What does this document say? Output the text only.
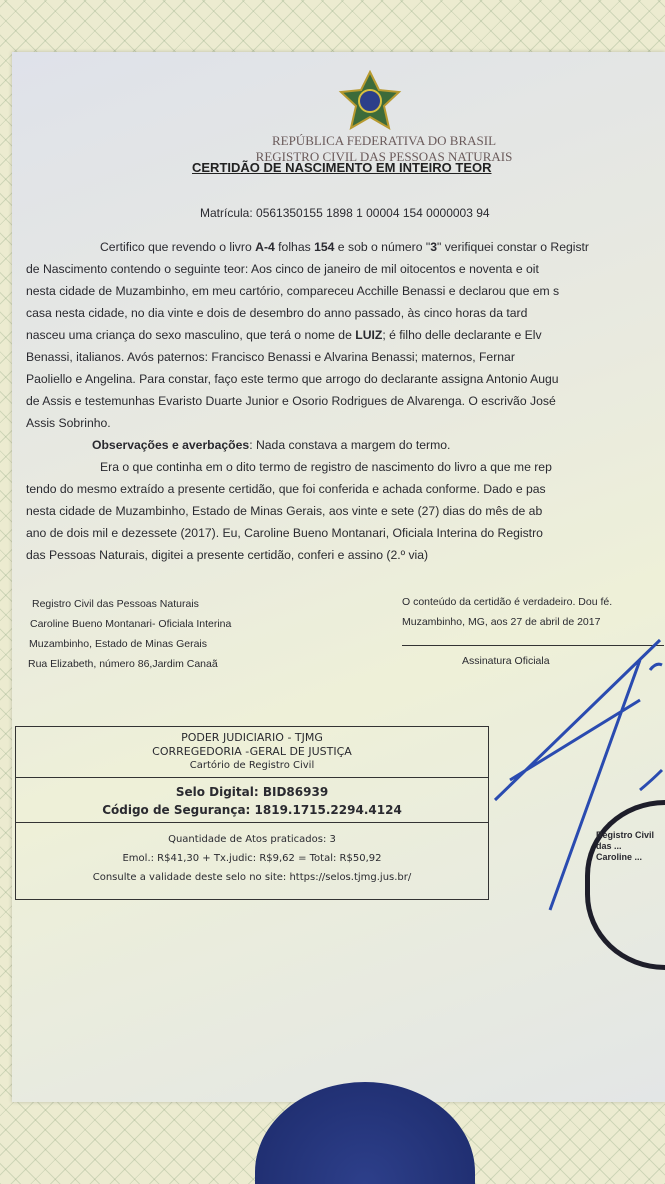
REPÚBLICA FEDERATIVA DO BRASIL
REGISTRO CIVIL DAS PESSOAS NATURAIS
CERTIDÃO DE NASCIMENTO EM INTEIRO TEOR
Matrícula: 0561350155 1898 1 00004 154 0000003 94
Certifico que revendo o livro A-4 folhas 154 e sob o número "3" verifiquei constar o Registr
de Nascimento contendo o seguinte teor: Aos cinco de janeiro de mil oitocentos e noventa e oit
nesta cidade de Muzambinho, em meu cartório, compareceu Acchille Benassi e declarou que em s
casa nesta cidade, no dia vinte e dois de desembro do anno passado, às cinco horas da tard
nasceu uma criança do sexo masculino, que terá o nome de LUIZ; é filho delle declarante e Elv
Benassi, italianos. Avós paternos: Francisco Benassi e Alvarina Benassi; maternos, Fernar
Paoliello e Angelina. Para constar, faço este termo que arrogo do declarante assigna Antonio Augu
de Assis e testemunhas Evaristo Duarte Junior e Osorio Rodrigues de Alvarenga. O escrivão José
Assis Sobrinho.
Observações e averbações: Nada constava a margem do termo.
Era o que continha em o dito termo de registro de nascimento do livro a que me rep
tendo do mesmo extraído a presente certidão, que foi conferida e achada conforme. Dado e pas
nesta cidade de Muzambinho, Estado de Minas Gerais, aos vinte e sete (27) dias do mês de ab
ano de dois mil e dezessete (2017). Eu, Caroline Bueno Montanari, Oficiala Interina do Registro
das Pessoas Naturais, digitei a presente certidão, conferi e assino (2.º via)
Registro Civil das Pessoas Naturais
Caroline Bueno Montanari- Oficiala Interina
Muzambinho, Estado de Minas Gerais
Rua Elizabeth, número 86,Jardim Canaã
O conteúdo da certidão é verdadeiro. Dou fé.
Muzambinho, MG, aos 27 de abril de 2017
Assinatura Oficiala
PODER JUDICIARIO - TJMG
CORREGEDORIA -GERAL DE JUSTIÇA
Cartório de Registro Civil
Selo Digital: BID86939
Código de Segurança: 1819.1715.2294.4124
Quantidade de Atos praticados: 3
Emol.: R$41,30 + Tx.judic: R$9,62 = Total: R$50,92
Consulte a validade deste selo no site: https://selos.tjmg.jus.br/
Registro Civil das ... Caroline ...
